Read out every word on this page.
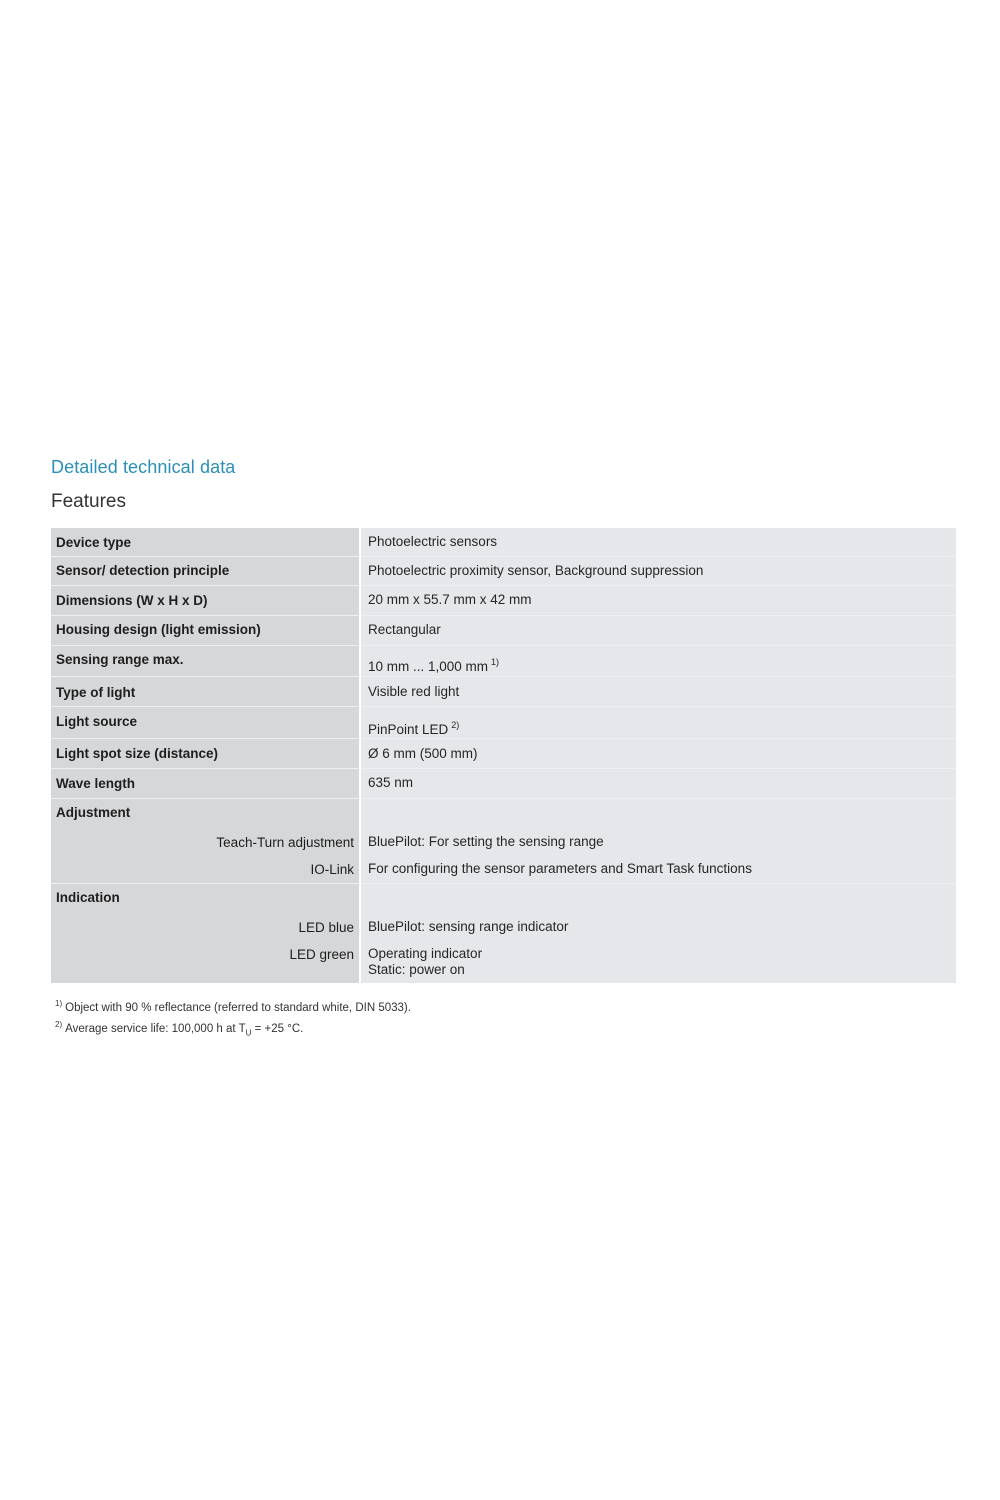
Detailed technical data
Features
Device type
Sensor/ detection principle
Dimensions (W x H x D)
Housing design (light emission)
Sensing range max.
Type of light
Light source
Light spot size (distance)
Wave length
Adjustment
Teach-Turn adjustment
IO-Link
Indication
LED blue
LED green
Photoelectric sensors
Photoelectric proximity sensor, Background suppression
20 mm x 55.7 mm x 42 mm
Rectangular
10 mm ... 1,000 mm $^{1)}$
Visible red light
PinPoint LED $^{2)}$
Ø 6 mm (500 mm)
635 nm
BluePilot: For setting the sensing range
For configuring the sensor parameters and Smart Task functions
BluePilot: sensing range indicator
Operating indicator
Static: power on

$^{1)}$ Object with 90 % reflectance (referred to standard white, DIN 5033).

$^{2)}$ Average service life: 100,000 h at $T_U = +25$ °C.
